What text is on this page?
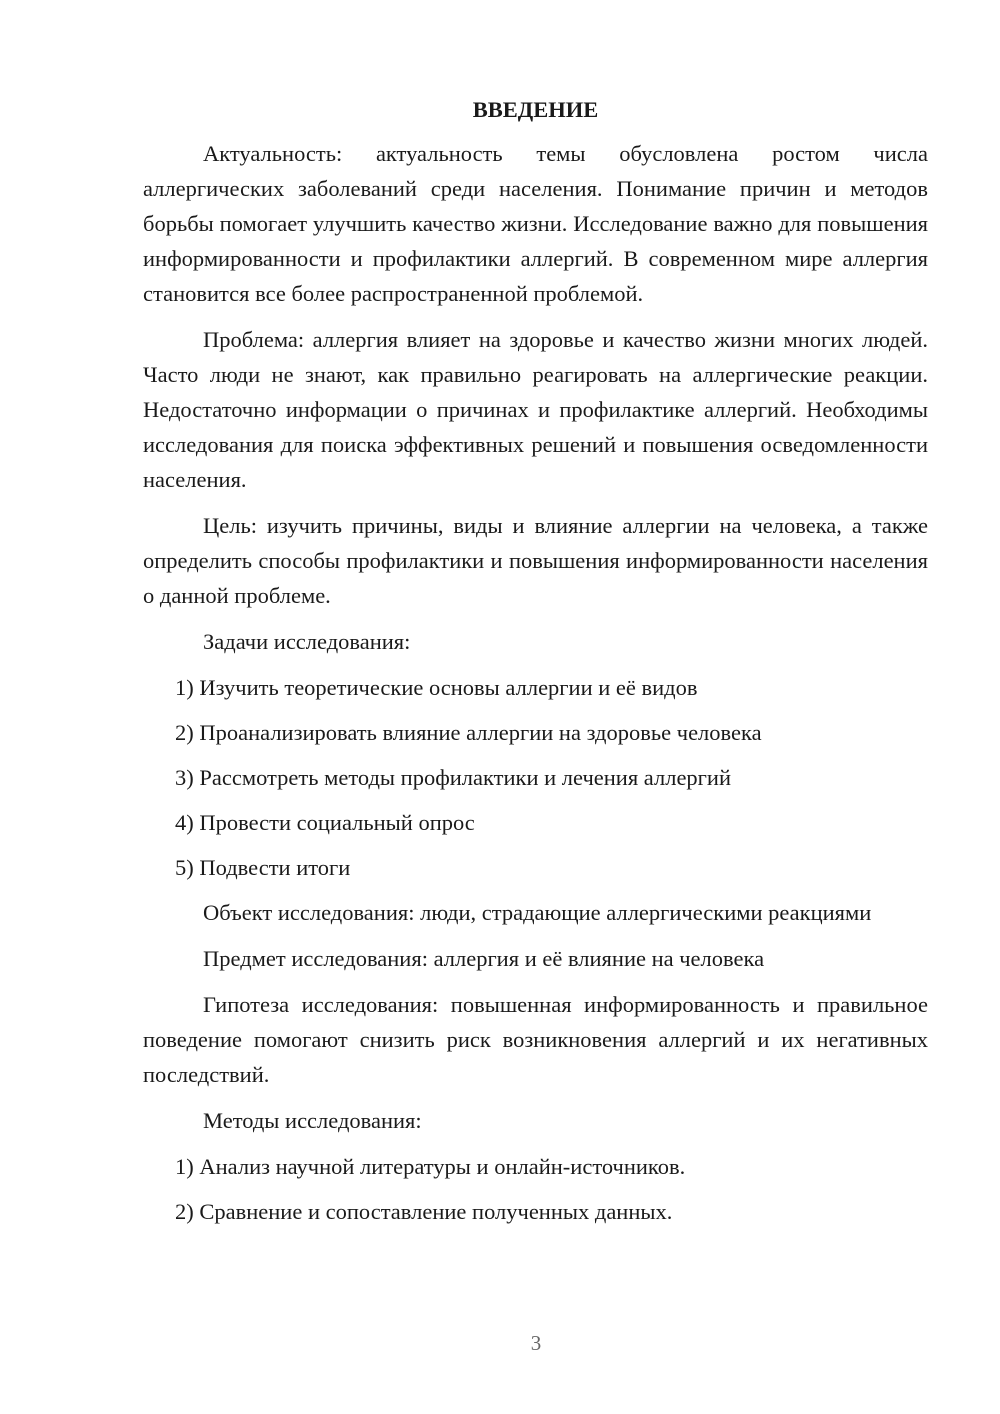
ВВЕДЕНИЕ

Актуальность: актуальность темы обусловлена ростом числа аллергических заболеваний среди населения. Понимание причин и методов борьбы помогает улучшить качество жизни. Исследование важно для повышения информированности и профилактики аллергий. В современном мире аллергия становится все более распространенной проблемой.

Проблема: аллергия влияет на здоровье и качество жизни многих людей. Часто люди не знают, как правильно реагировать на аллергические реакции. Недостаточно информации о причинах и профилактике аллергий. Необходимы исследования для поиска эффективных решений и повышения осведомленности населения.

Цель: изучить причины, виды и влияние аллергии на человека, а также определить способы профилактики и повышения информированности населения о данной проблеме.

Задачи исследования:

1) Изучить теоретические основы аллергии и её видов
2) Проанализировать влияние аллергии на здоровье человека
3) Рассмотреть методы профилактики и лечения аллергий
4) Провести социальный опрос
5) Подвести итоги

Объект исследования: люди, страдающие аллергическими реакциями

Предмет исследования: аллергия и её влияние на человека

Гипотеза исследования: повышенная информированность и правильное поведение помогают снизить риск возникновения аллергий и их негативных последствий.

Методы исследования:

1) Анализ научной литературы и онлайн-источников.
2) Сравнение и сопоставление полученных данных.
3
